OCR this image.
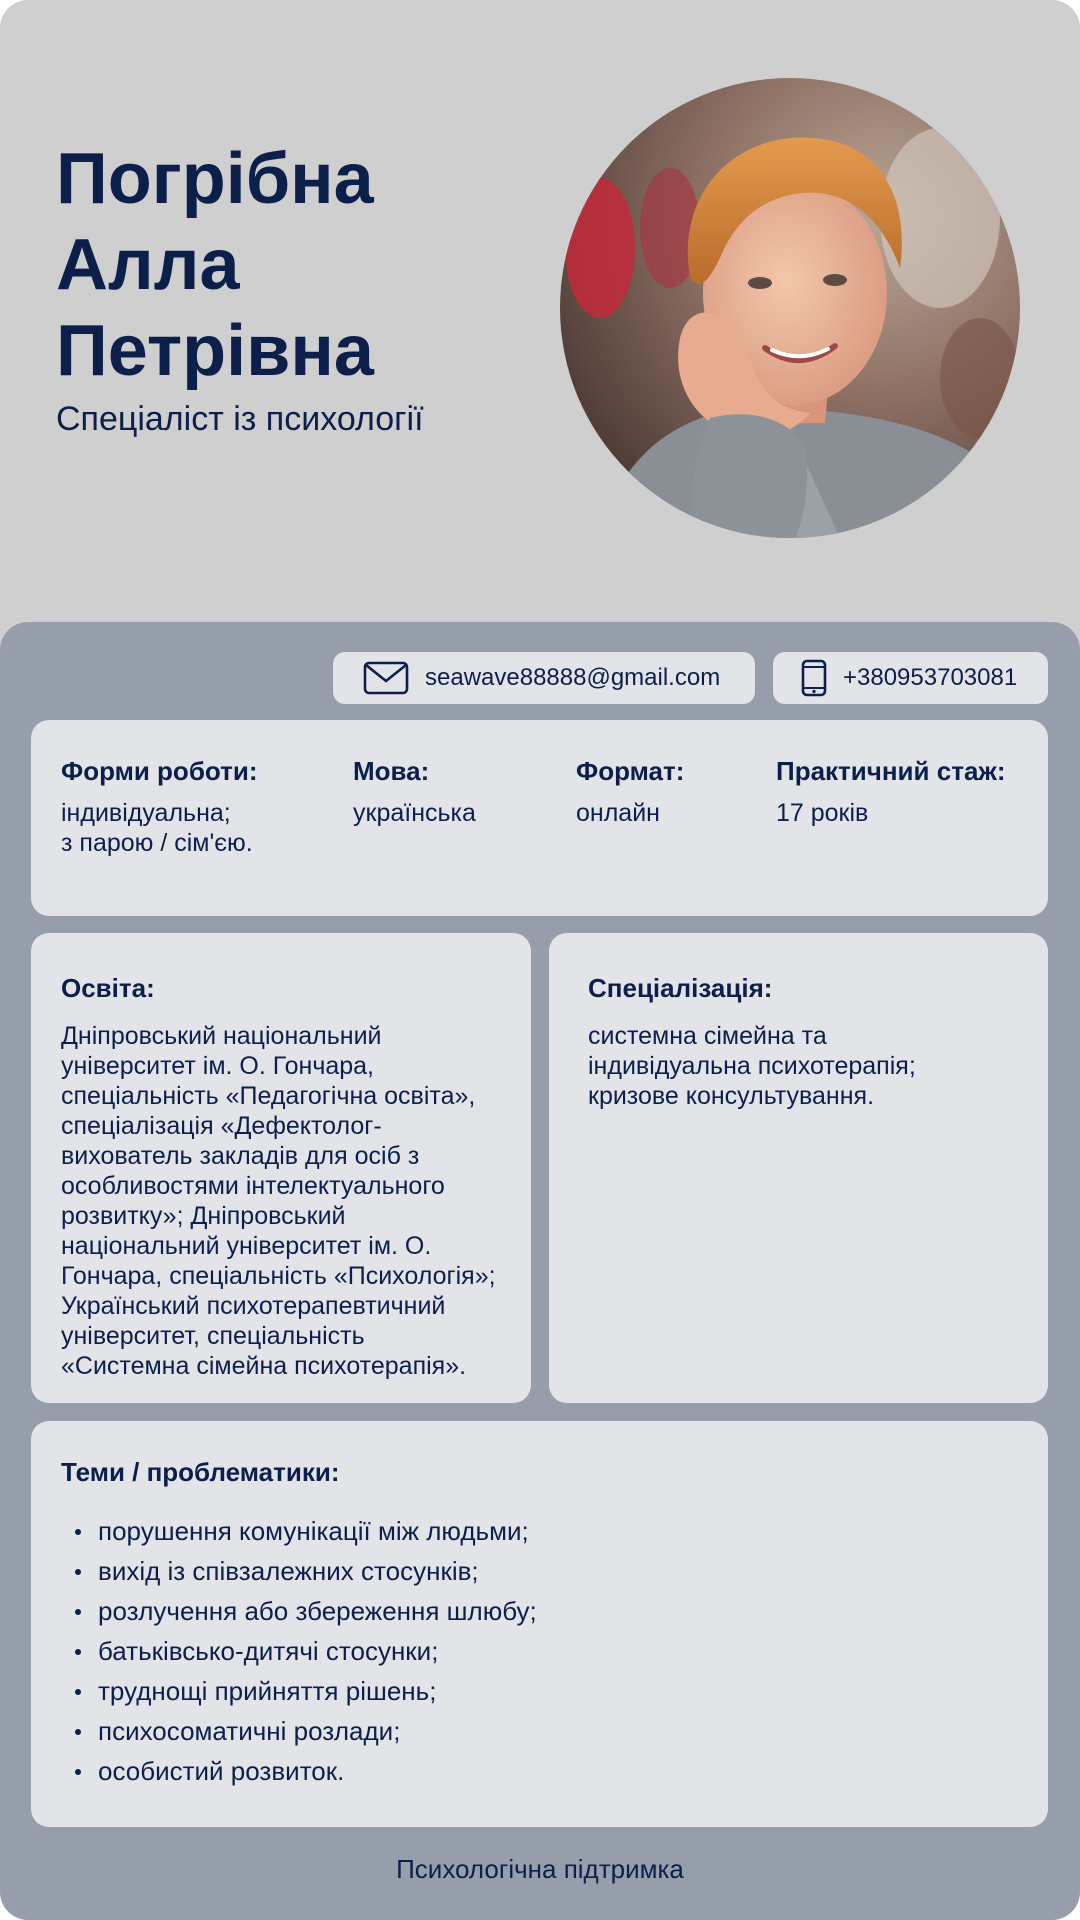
Погрібна
Алла
Петрівна
Спеціаліст із психології
seawave88888@gmail.com	+380953703081
Форми роботи:
індивідуальна;
з парою / сім'єю.
Мова:
українська
Формат:
онлайн
Практичний стаж:
17 років
Освіта:
Дніпровський національний
університет ім. О. Гончара,
спеціальність «Педагогічна освіта»,
спеціалізація «Дефектолог-
вихователь закладів для осіб з
особливостями інтелектуального
розвитку»; Дніпровський
національний університет ім. О.
Гончара, спеціальність «Психологія»;
Український психотерапевтичний
університет, спеціальність
«Системна сімейна психотерапія».
Спеціалізація:
системна сімейна та
індивідуальна психотерапія;
кризове консультування.
Теми / проблематики:
порушення комунікації між людьми;
вихід із співзалежних стосунків;
розлучення або збереження шлюбу;
батьківсько-дитячі стосунки;
труднощі прийняття рішень;
психосоматичні розлади;
особистий розвиток.
Психологічна підтримка
